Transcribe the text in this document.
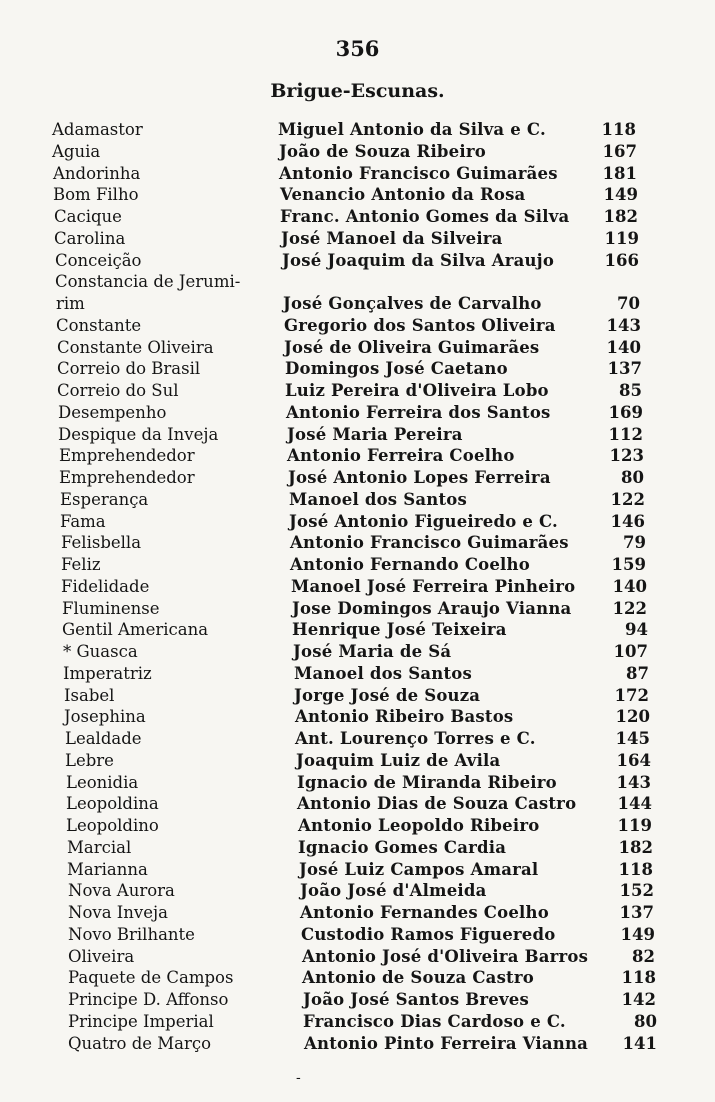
356
Brigue-Escunas.
Adamastor	Miguel Antonio da Silva e C.	118
Aguia	João de Souza Ribeiro	167
Andorinha	Antonio Francisco Guimarães	181
Bom Filho	Venancio Antonio da Rosa	149
Cacique	Franc. Antonio Gomes da Silva	182
Carolina	José Manoel da Silveira	119
Conceição	José Joaquim da Silva Araujo	166
Constancia de Jerumi-
rim	José Gonçalves de Carvalho	70
Constante	Gregorio dos Santos Oliveira	143
Constante Oliveira	José de Oliveira Guimarães	140
Correio do Brasil	Domingos José Caetano	137
Correio do Sul	Luiz Pereira d'Oliveira Lobo	85
Desempenho	Antonio Ferreira dos Santos	169
Despique da Inveja	José Maria Pereira	112
Emprehendedor	Antonio Ferreira Coelho	123
Emprehendedor	José Antonio Lopes Ferreira	80
Esperança	Manoel dos Santos	122
Fama	José Antonio Figueiredo e C.	146
Felisbella	Antonio Francisco Guimarães	79
Feliz	Antonio Fernando Coelho	159
Fidelidade	Manoel José Ferreira Pinheiro	140
Fluminense	Jose Domingos Araujo Vianna	122
Gentil Americana	Henrique José Teixeira	94
* Guasca	José Maria de Sá	107
Imperatriz	Manoel dos Santos	87
Isabel	Jorge José de Souza	172
Josephina	Antonio Ribeiro Bastos	120
Lealdade	Ant. Lourenço Torres e C.	145
Lebre	Joaquim Luiz de Avila	164
Leonidia	Ignacio de Miranda Ribeiro	143
Leopoldina	Antonio Dias de Souza Castro	144
Leopoldino	Antonio Leopoldo Ribeiro	119
Marcial	Ignacio Gomes Cardia	182
Marianna	José Luiz Campos Amaral	118
Nova Aurora	João José d'Almeida	152
Nova Inveja	Antonio Fernandes Coelho	137
Novo Brilhante	Custodio Ramos Figueredo	149
Oliveira	Antonio José d'Oliveira Barros	82
Paquete de Campos	Antonio de Souza Castro	118
Principe D. Affonso	João José Santos Breves	142
Principe Imperial	Francisco Dias Cardoso e C.	80
Quatro de Março	Antonio Pinto Ferreira Vianna	141
-
